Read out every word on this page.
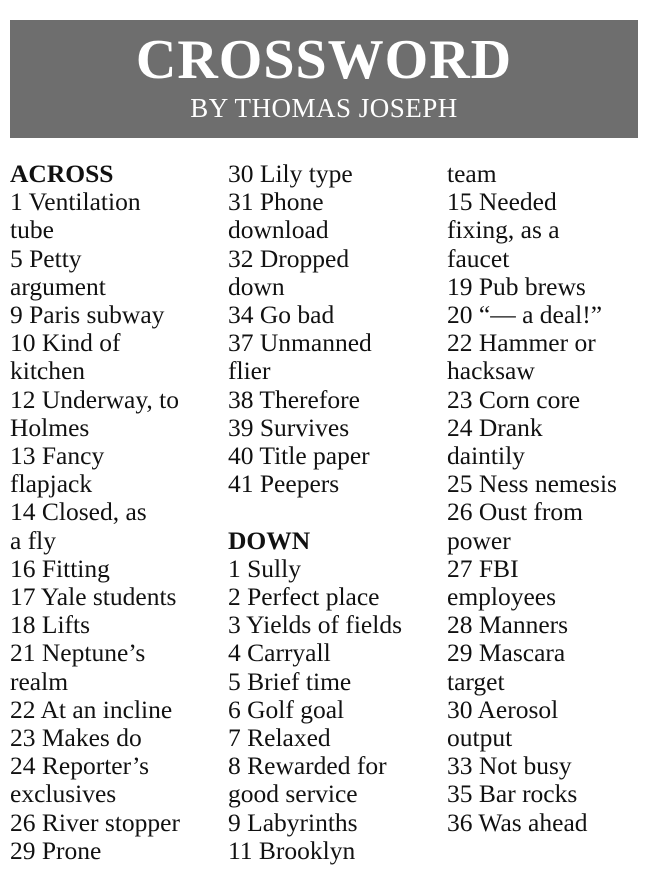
CROSSWORD
BY THOMAS JOSEPH
ACROSS
1 Ventilation
tube
5 Petty
argument
9 Paris subway
10 Kind of
kitchen
12 Underway, to
Holmes
13 Fancy
flapjack
14 Closed, as
a fly
16 Fitting
17 Yale students
18 Lifts
21 Neptune’s
realm
22 At an incline
23 Makes do
24 Reporter’s
exclusives
26 River stopper
29 Prone
30 Lily type
31 Phone
download
32 Dropped
down
34 Go bad
37 Unmanned
flier
38 Therefore
39 Survives
40 Title paper
41 Peepers
DOWN
1 Sully
2 Perfect place
3 Yields of fields
4 Carryall
5 Brief time
6 Golf goal
7 Relaxed
8 Rewarded for
good service
9 Labyrinths
11 Brooklyn
team
15 Needed
fixing, as a
faucet
19 Pub brews
20 “— a deal!”
22 Hammer or
hacksaw
23 Corn core
24 Drank
daintily
25 Ness nemesis
26 Oust from
power
27 FBI
employees
28 Manners
29 Mascara
target
30 Aerosol
output
33 Not busy
35 Bar rocks
36 Was ahead
